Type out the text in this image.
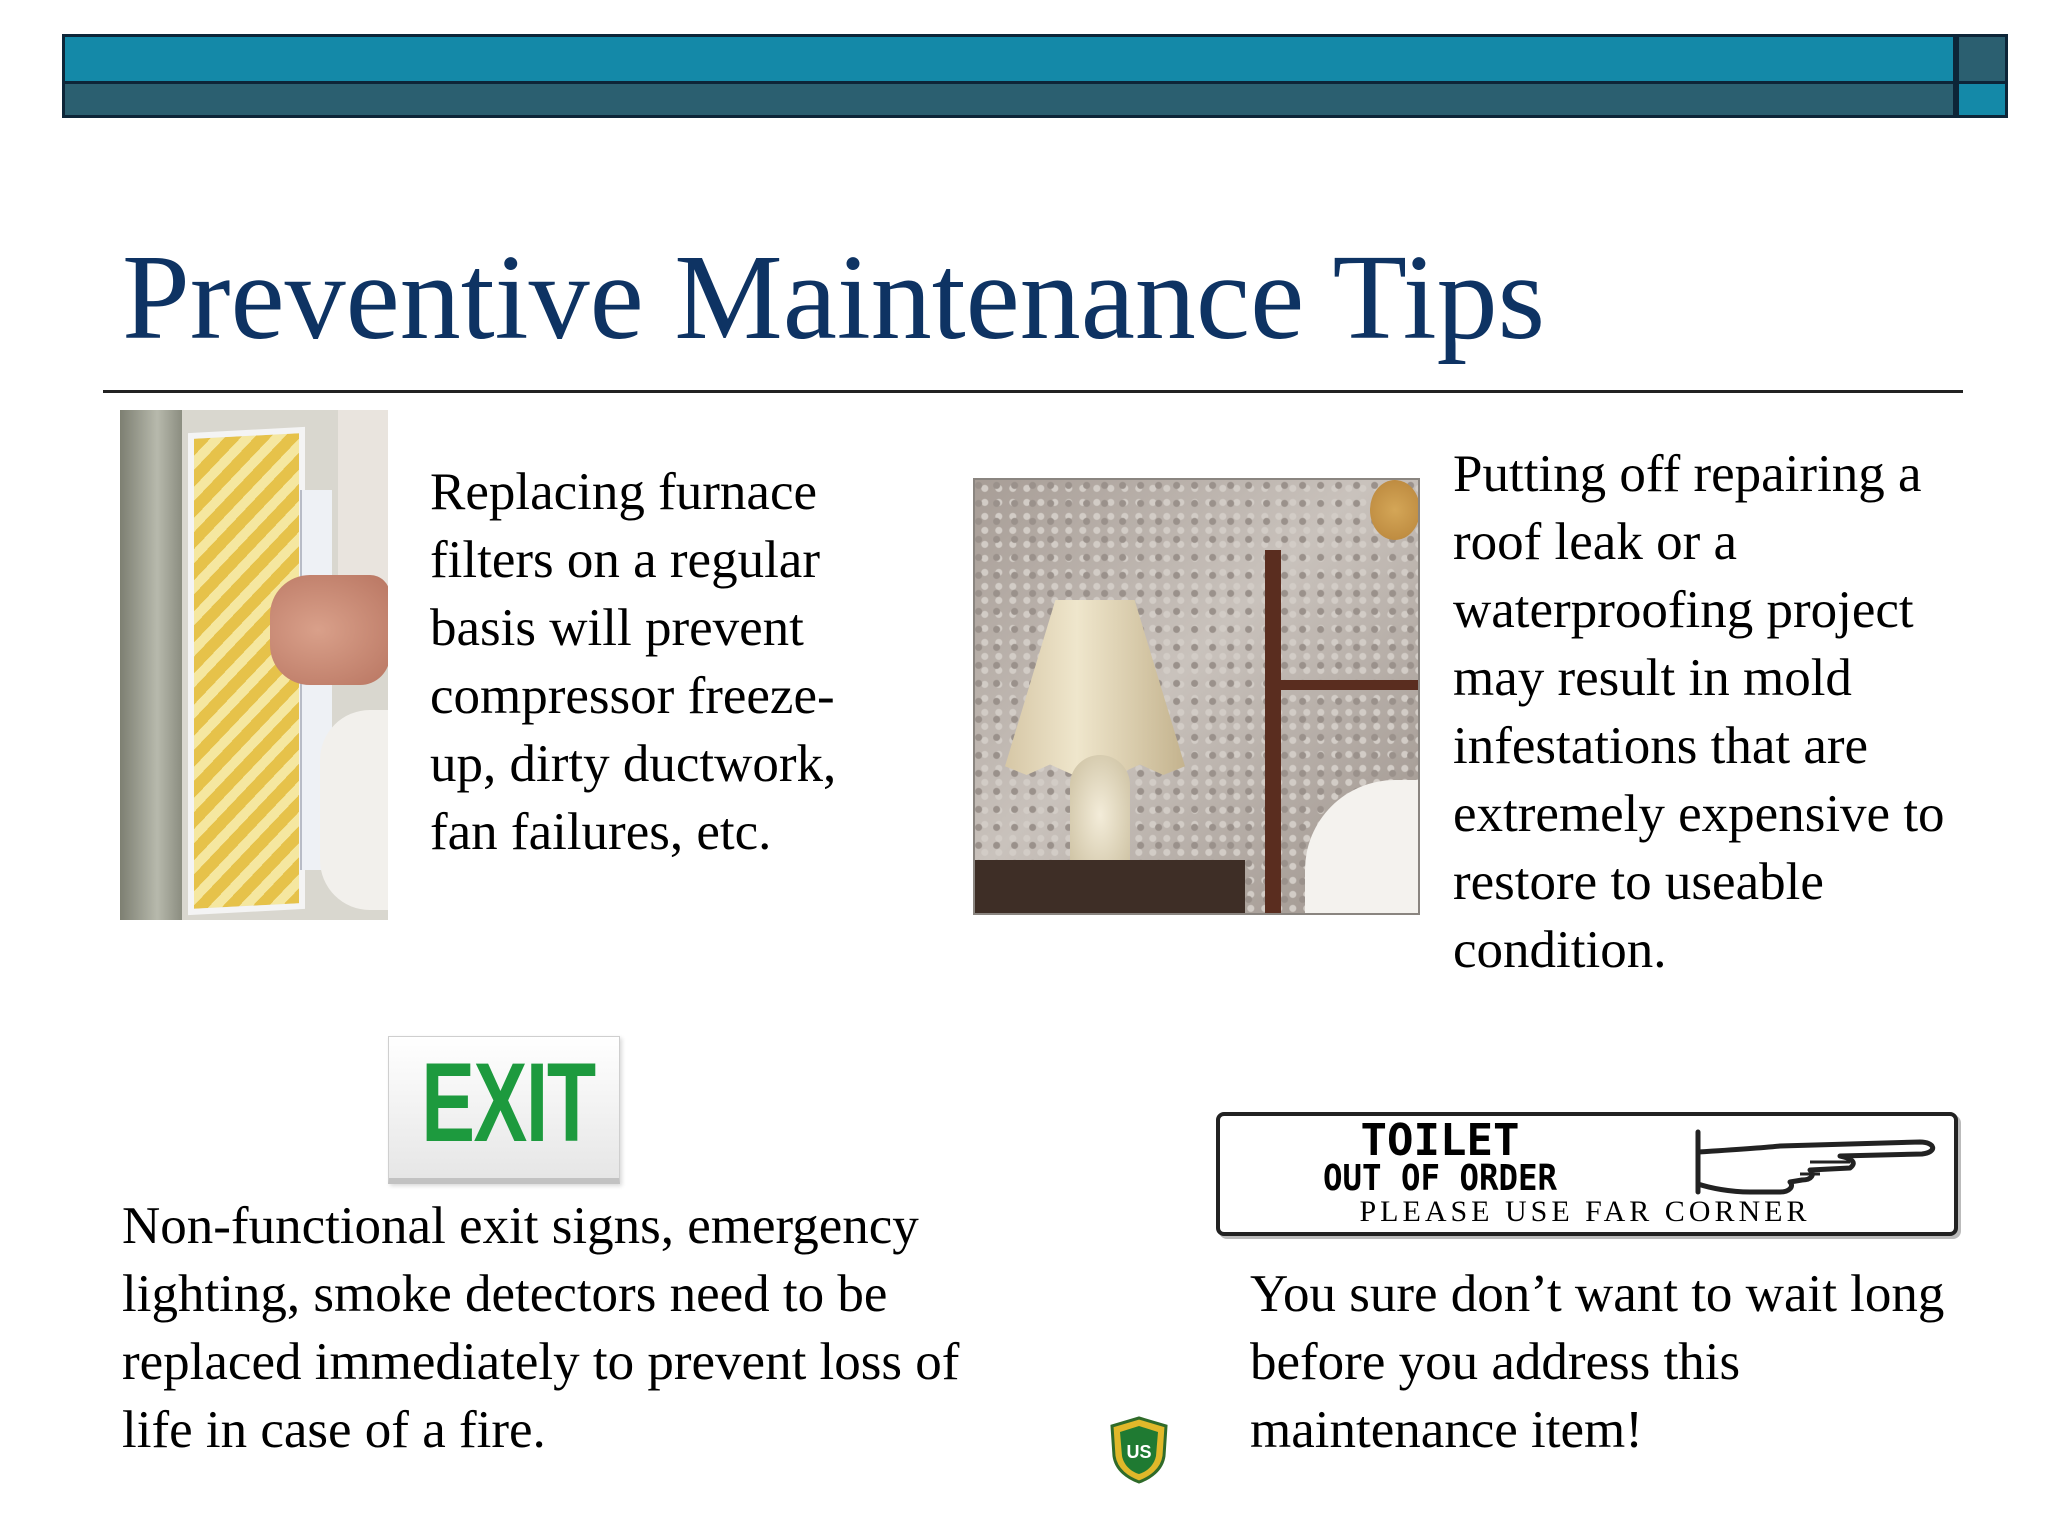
Preventive Maintenance Tips
Replacing furnace filters on a regular basis will prevent compressor freeze-up, dirty ductwork, fan failures, etc.
Putting off repairing a roof leak or a waterproofing project may result in mold infestations that are extremely expensive to restore to useable condition.
EXIT
Non-functional exit signs, emergency lighting, smoke detectors need to be replaced immediately to prevent loss of life in case of a fire.
TOILET
OUT OF ORDER
PLEASE USE FAR CORNER
You sure don’t want to wait long before you address this maintenance item!
US
